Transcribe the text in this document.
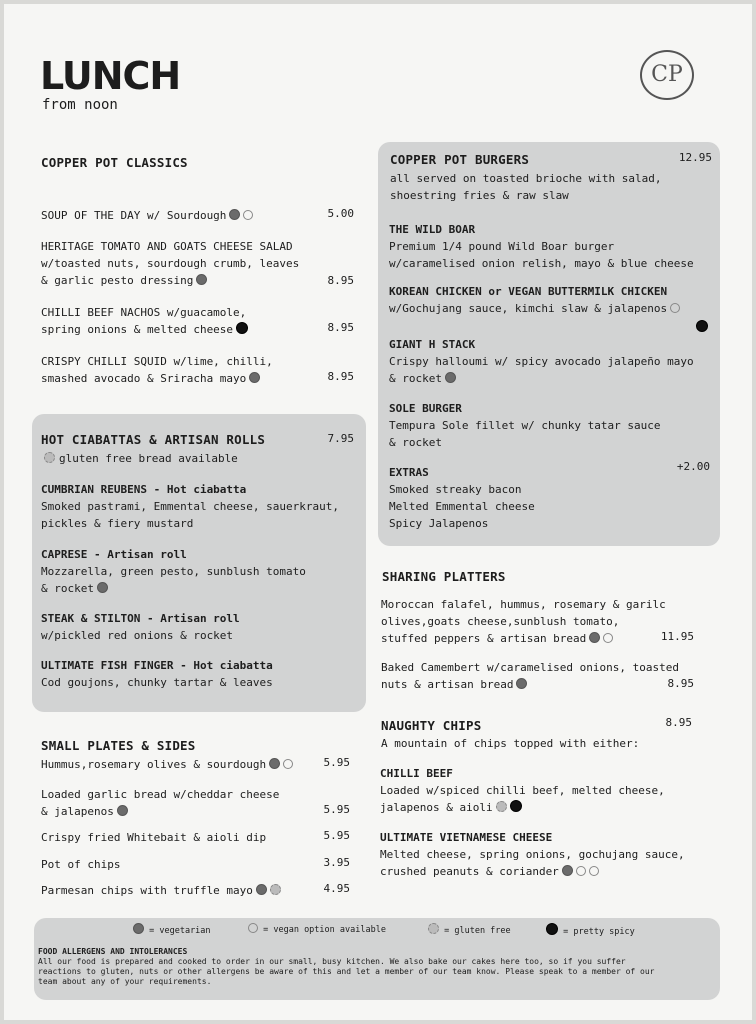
LUNCH
from noon
CP
COPPER POT CLASSICS
SOUP OF THE DAY w/ Sourdough	5.00
HERITAGE TOMATO AND GOATS CHEESE SALAD
w/toasted nuts, sourdough crumb, leaves
& garlic pesto dressing	8.95
CHILLI BEEF NACHOS w/guacamole,
spring onions & melted cheese	8.95
CRISPY CHILLI SQUID w/lime, chilli,
smashed avocado & Sriracha mayo	8.95
HOT CIABATTAS & ARTISAN ROLLS	7.95
gluten free bread available
CUMBRIAN REUBENS - Hot ciabatta
Smoked pastrami, Emmental cheese, sauerkraut,
pickles & fiery mustard
CAPRESE - Artisan roll
Mozzarella, green pesto, sunblush tomato
& rocket
STEAK & STILTON - Artisan roll
w/pickled red onions & rocket
ULTIMATE FISH FINGER - Hot ciabatta
Cod goujons, chunky tartar & leaves
SMALL PLATES & SIDES
Hummus,rosemary olives & sourdough	5.95
Loaded garlic bread w/cheddar cheese
& jalapenos	5.95
Crispy fried Whitebait & aioli dip	5.95
Pot of chips	3.95
Parmesan chips with truffle mayo	4.95
COPPER POT BURGERS	12.95
all served on toasted brioche with salad,
shoestring fries & raw slaw
THE WILD BOAR
Premium 1/4 pound Wild Boar burger
w/caramelised onion relish, mayo & blue cheese
KOREAN CHICKEN or VEGAN BUTTERMILK CHICKEN
w/Gochujang sauce, kimchi slaw & jalapenos
GIANT H STACK
Crispy halloumi w/ spicy avocado jalapeño mayo
& rocket
SOLE BURGER
Tempura Sole fillet w/ chunky tatar sauce
& rocket
EXTRAS
Smoked streaky bacon
Melted Emmental cheese
Spicy Jalapenos
+2.00
SHARING PLATTERS
Moroccan falafel, hummus, rosemary & garilc
olives,goats cheese,sunblush tomato,
stuffed peppers & artisan bread	11.95
Baked Camembert w/caramelised onions, toasted
nuts & artisan bread	8.95
NAUGHTY CHIPS	8.95
A mountain of chips topped with either:
CHILLI BEEF
Loaded w/spiced chilli beef, melted cheese,
jalapenos & aioli
ULTIMATE VIETNAMESE CHEESE
Melted cheese, spring onions, gochujang sauce,
crushed peanuts & coriander
= vegetarian	= vegan option available	= gluten free	= pretty spicy
FOOD ALLERGENS AND INTOLERANCES
All our food is prepared and cooked to order in our small, busy kitchen. We also bake our cakes here too, so if you suffer
reactions to gluten, nuts or other allergens be aware of this and let a member of our team know. Please speak to a member of our
team about any of your requirements.
